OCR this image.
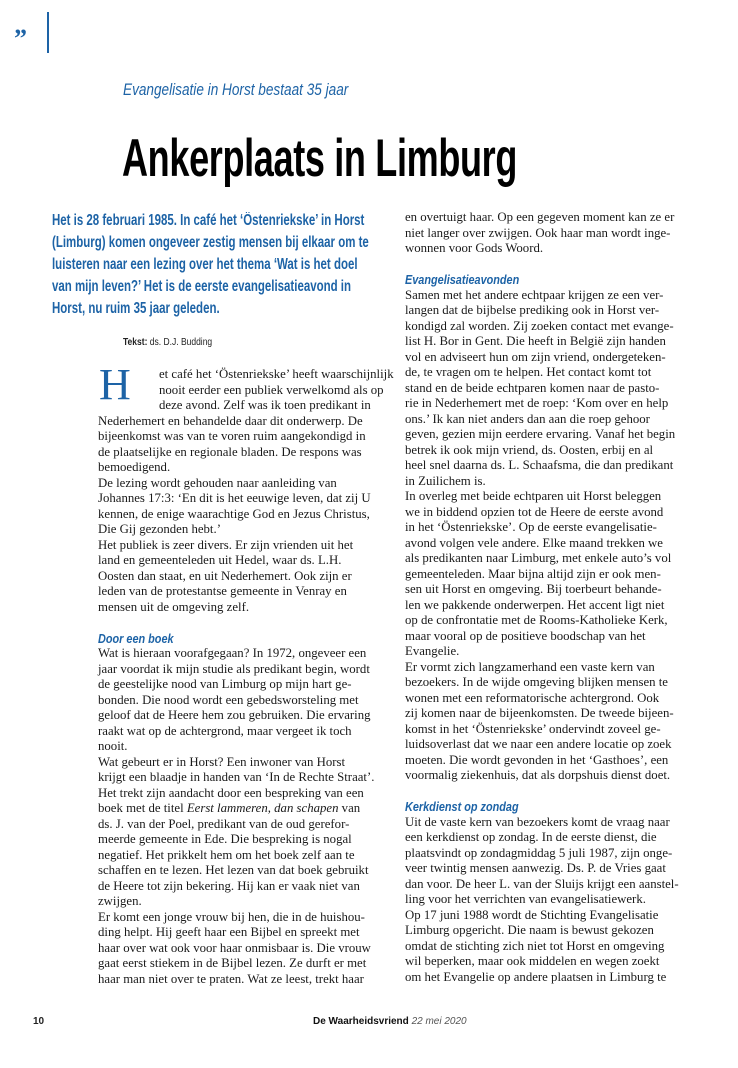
”
Evangelisatie in Horst bestaat 35 jaar
Ankerplaats in Limburg
Het is 28 februari 1985. In café het ‘Östenriekske’ in Horst
(Limburg) komen ongeveer zestig mensen bij elkaar om te
luisteren naar een lezing over het thema ‘Wat is het doel
van mijn leven?’ Het is de eerste evangelisatieavond in
Horst, nu ruim 35 jaar geleden.
Tekst: ds. D.J. Budding
H	et café het ‘Östenriekske’ heeft waarschijnlijk
nooit eerder een publiek verwelkomd als op
deze avond. Zelf was ik toen predikant in
Nederhemert en behandelde daar dit onderwerp. De
bijeenkomst was van te voren ruim aangekondigd in
de plaatselijke en regionale bladen. De respons was
bemoedigend.
De lezing wordt gehouden naar aanleiding van
Johannes 17:3: ‘En dit is het eeuwige leven, dat zij U
kennen, de enige waarachtige God en Jezus Christus,
Die Gij gezonden hebt.’
Het publiek is zeer divers. Er zijn vrienden uit het
land en gemeenteleden uit Hedel, waar ds. L.H.
Oosten dan staat, en uit Nederhemert. Ook zijn er
leden van de protestantse gemeente in Venray en
mensen uit de omgeving zelf.
Door een boek
Wat is hieraan voorafgegaan? In 1972, ongeveer een
jaar voordat ik mijn studie als predikant begin, wordt
de geestelijke nood van Limburg op mijn hart ge-
bonden. Die nood wordt een gebedsworsteling met
geloof dat de Heere hem zou gebruiken. Die ervaring
raakt wat op de achtergrond, maar vergeet ik toch
nooit.
Wat gebeurt er in Horst? Een inwoner van Horst
krijgt een blaadje in handen van ‘In de Rechte Straat’.
Het trekt zijn aandacht door een bespreking van een
boek met de titel Eerst lammeren, dan schapen van
ds. J. van der Poel, predikant van de oud gerefor-
meerde gemeente in Ede. Die bespreking is nogal
negatief. Het prikkelt hem om het boek zelf aan te
schaffen en te lezen. Het lezen van dat boek gebruikt
de Heere tot zijn bekering. Hij kan er vaak niet van
zwijgen.
Er komt een jonge vrouw bij hen, die in de huishou-
ding helpt. Hij geeft haar een Bijbel en spreekt met
haar over wat ook voor haar onmisbaar is. Die vrouw
gaat eerst stiekem in de Bijbel lezen. Ze durft er met
haar man niet over te praten. Wat ze leest, trekt haar
en overtuigt haar. Op een gegeven moment kan ze er
niet langer over zwijgen. Ook haar man wordt inge-
wonnen voor Gods Woord.
Evangelisatieavonden
Samen met het andere echtpaar krijgen ze een ver-
langen dat de bijbelse prediking ook in Horst ver-
kondigd zal worden. Zij zoeken contact met evange-
list H. Bor in Gent. Die heeft in België zijn handen
vol en adviseert hun om zijn vriend, ondergeteken-
de, te vragen om te helpen. Het contact komt tot
stand en de beide echtparen komen naar de pasto-
rie in Nederhemert met de roep: ‘Kom over en help
ons.’ Ik kan niet anders dan aan die roep gehoor
geven, gezien mijn eerdere ervaring. Vanaf het begin
betrek ik ook mijn vriend, ds. Oosten, erbij en al
heel snel daarna ds. L. Schaafsma, die dan predikant
in Zuilichem is.
In overleg met beide echtparen uit Horst beleggen
we in biddend opzien tot de Heere de eerste avond
in het ‘Östenriekske’. Op de eerste evangelisatie-
avond volgen vele andere. Elke maand trekken we
als predikanten naar Limburg, met enkele auto’s vol
gemeenteleden. Maar bijna altijd zijn er ook men-
sen uit Horst en omgeving. Bij toerbeurt behande-
len we pakkende onderwerpen. Het accent ligt niet
op de confrontatie met de Rooms-Katholieke Kerk,
maar vooral op de positieve boodschap van het
Evangelie.
Er vormt zich langzamerhand een vaste kern van
bezoekers. In de wijde omgeving blijken mensen te
wonen met een reformatorische achtergrond. Ook
zij komen naar de bijeenkomsten. De tweede bijeen-
komst in het ‘Östenriekske’ ondervindt zoveel ge-
luidsoverlast dat we naar een andere locatie op zoek
moeten. Die wordt gevonden in het ‘Gasthoes’, een
voormalig ziekenhuis, dat als dorpshuis dienst doet.
Kerkdienst op zondag
Uit de vaste kern van bezoekers komt de vraag naar
een kerkdienst op zondag. In de eerste dienst, die
plaatsvindt op zondagmiddag 5 juli 1987, zijn onge-
veer twintig mensen aanwezig. Ds. P. de Vries gaat
dan voor. De heer L. van der Sluijs krijgt een aanstel-
ling voor het verrichten van evangelisatiewerk.
Op 17 juni 1988 wordt de Stichting Evangelisatie
Limburg opgericht. Die naam is bewust gekozen
omdat de stichting zich niet tot Horst en omgeving
wil beperken, maar ook middelen en wegen zoekt
om het Evangelie op andere plaatsen in Limburg te
10	De Waarheidsvriend 22 mei 2020
